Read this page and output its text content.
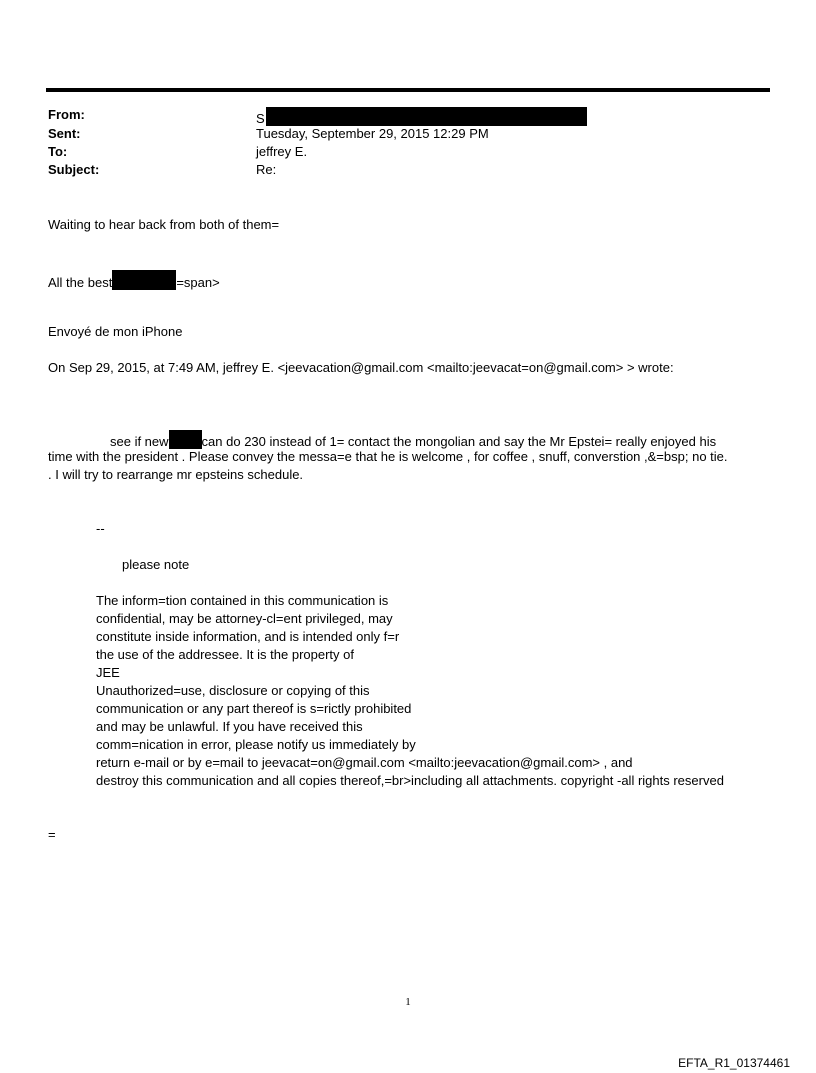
From:	S
Sent:	Tuesday, September 29, 2015 12:29 PM
To:	jeffrey E.
Subject:	Re:
Waiting to hear back from both of them=
All the best	=span>
Envoyé de mon iPhone
On Sep 29, 2015, at 7:49 AM, jeffrey E. <jeevacation@gmail.com <mailto:jeevacat=on@gmail.com> > wrote:
see if new	can do 230 instead of 1= contact the mongolian and say the Mr Epstei= really enjoyed his
time with the president . Please convey the messa=e that he is welcome , for coffee , snuff, converstion ,&=bsp; no tie.
. I will try to rearrange mr epsteins schedule.
--
please note
The inform=tion contained in this communication is
confidential, may be attorney-cl=ent privileged, may
constitute inside information, and is intended only f=r
the use of the addressee. It is the property of
JEE
Unauthorized=use, disclosure or copying of this
communication or any part thereof is s=rictly prohibited
and may be unlawful. If you have received this
comm=nication in error, please notify us immediately by
return e-mail or by e=mail to jeevacat=on@gmail.com <mailto:jeevacation@gmail.com> , and
destroy this communication and all copies thereof,=br>including all attachments. copyright -all rights reserved
=
1
EFTA_R1_01374461
